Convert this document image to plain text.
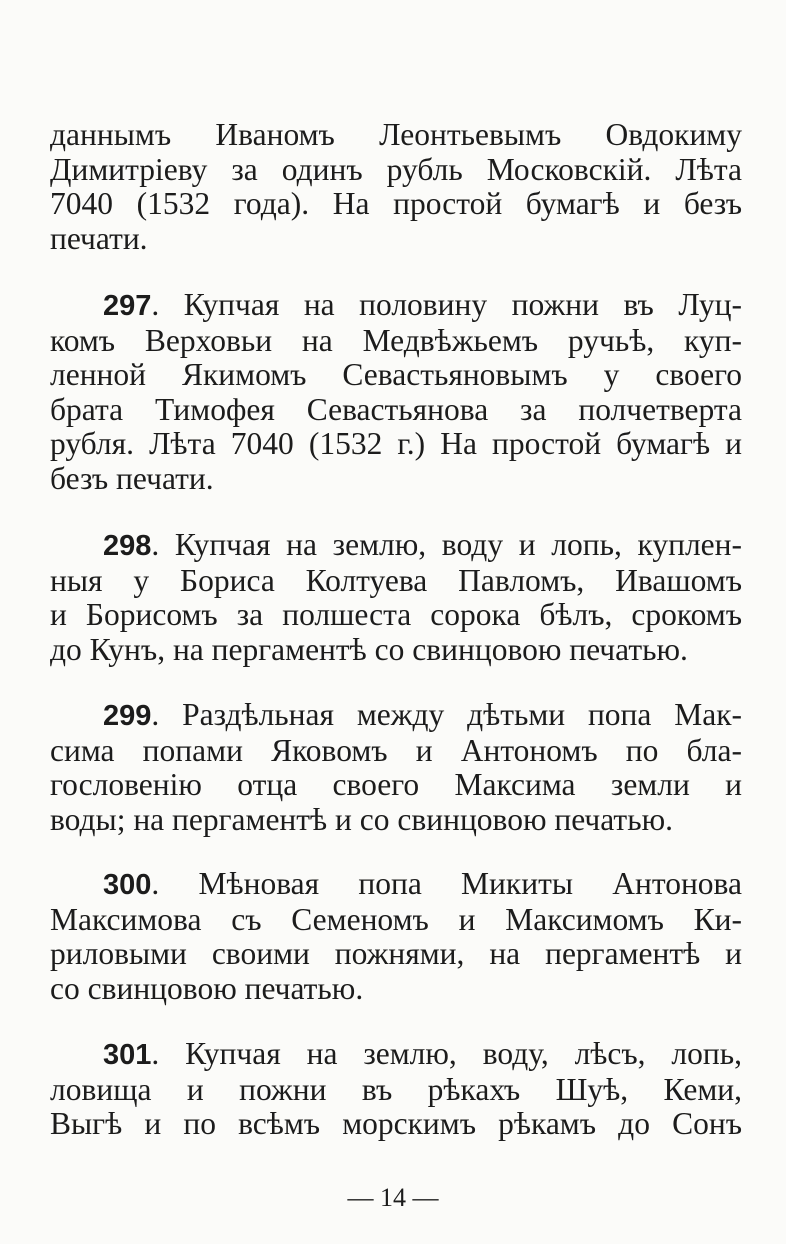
даннымъ Иваномъ Леонтьевымъ Овдокиму
Димитріеву за одинъ рубль Московскій. Лѣта
7040 (1532 года). На простой бумагѣ и безъ
печати.
297. Купчая на половину пожни въ Луц-
комъ Верховьи на Медвѣжьемъ ручьѣ, куп-
ленной Якимомъ Севастьяновымъ у своего
брата Тимофея Севастьянова за полчетверта
рубля. Лѣта 7040 (1532 г.) На простой бумагѣ и
безъ печати.
298. Купчая на землю, воду и лопь, куплен-
ныя у Бориса Колтуева Павломъ, Ивашомъ
и Борисомъ за полшеста сорока бѣлъ, срокомъ
до Кунъ, на пергаментѣ со свинцовою печатью.
299. Раздѣльная между дѣтьми попа Мак-
сима попами Яковомъ и Антономъ по бла-
гословенію отца своего Максима земли и
воды; на пергаментѣ и со свинцовою печатью.
300. Мѣновая попа Микиты Антонова
Максимова съ Семеномъ и Максимомъ Ки-
риловыми своими пожнями, на пергаментѣ и
со свинцовою печатью.
301. Купчая на землю, воду, лѣсъ, лопь,
ловища и пожни въ рѣкахъ Шуѣ, Кеми,
Выгѣ и по всѣмъ морскимъ рѣкамъ до Сонъ
— 14 —
